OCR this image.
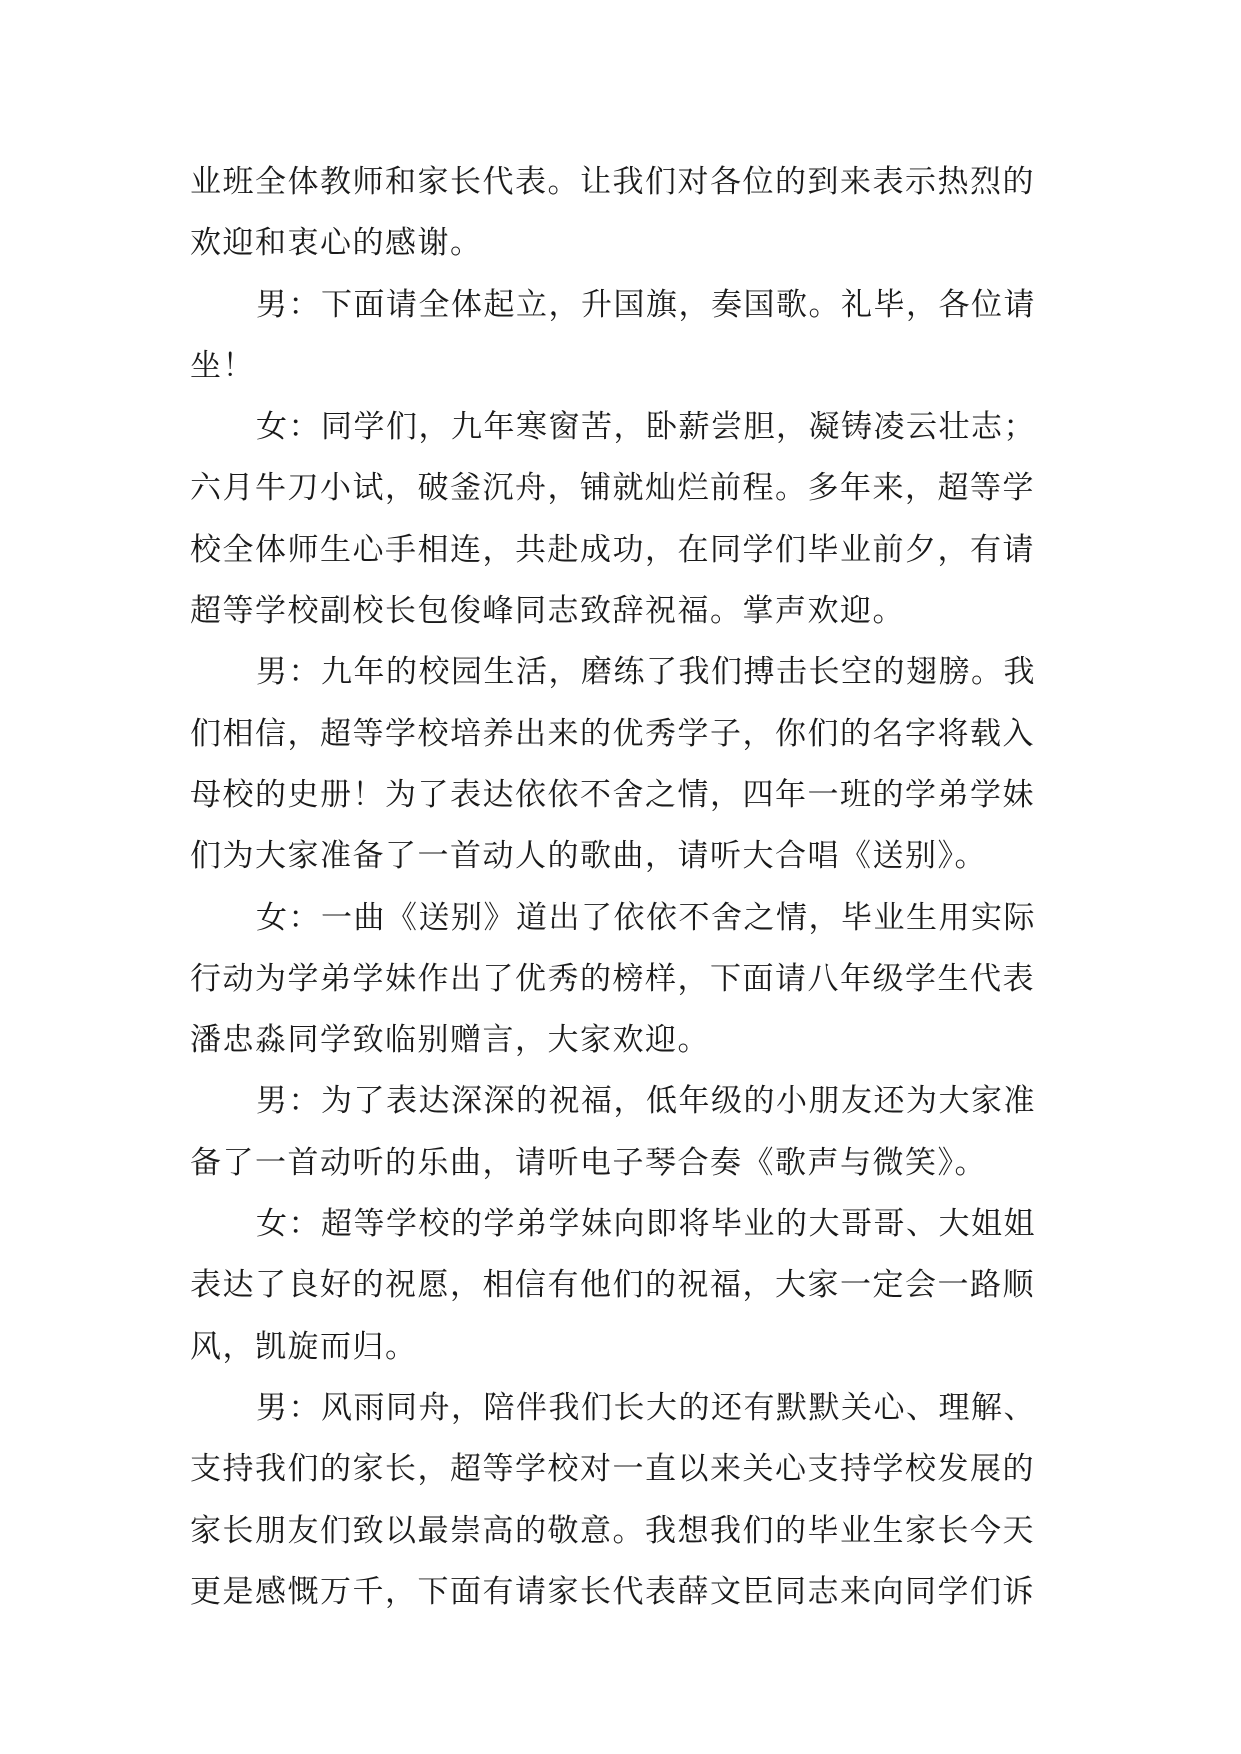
业班全体教师和家长代表。让我们对各位的到来表示热烈的
欢迎和衷心的感谢。
男：下面请全体起立，升国旗，奏国歌。礼毕，各位请
坐！
女：同学们，九年寒窗苦，卧薪尝胆，凝铸凌云壮志；
六月牛刀小试，破釜沉舟，铺就灿烂前程。多年来，超等学
校全体师生心手相连，共赴成功，在同学们毕业前夕，有请
超等学校副校长包俊峰同志致辞祝福。掌声欢迎。
男：九年的校园生活，磨练了我们搏击长空的翅膀。我
们相信，超等学校培养出来的优秀学子，你们的名字将载入
母校的史册！为了表达依依不舍之情，四年一班的学弟学妹
们为大家准备了一首动人的歌曲，请听大合唱《送别》。
女：一曲《送别》道出了依依不舍之情，毕业生用实际
行动为学弟学妹作出了优秀的榜样，下面请八年级学生代表
潘忠淼同学致临别赠言，大家欢迎。
男：为了表达深深的祝福，低年级的小朋友还为大家准
备了一首动听的乐曲，请听电子琴合奏《歌声与微笑》。
女：超等学校的学弟学妹向即将毕业的大哥哥、大姐姐
表达了良好的祝愿，相信有他们的祝福，大家一定会一路顺
风，凯旋而归。
男：风雨同舟，陪伴我们长大的还有默默关心、理解、
支持我们的家长，超等学校对一直以来关心支持学校发展的
家长朋友们致以最崇高的敬意。我想我们的毕业生家长今天
更是感慨万千，下面有请家长代表薛文臣同志来向同学们诉
